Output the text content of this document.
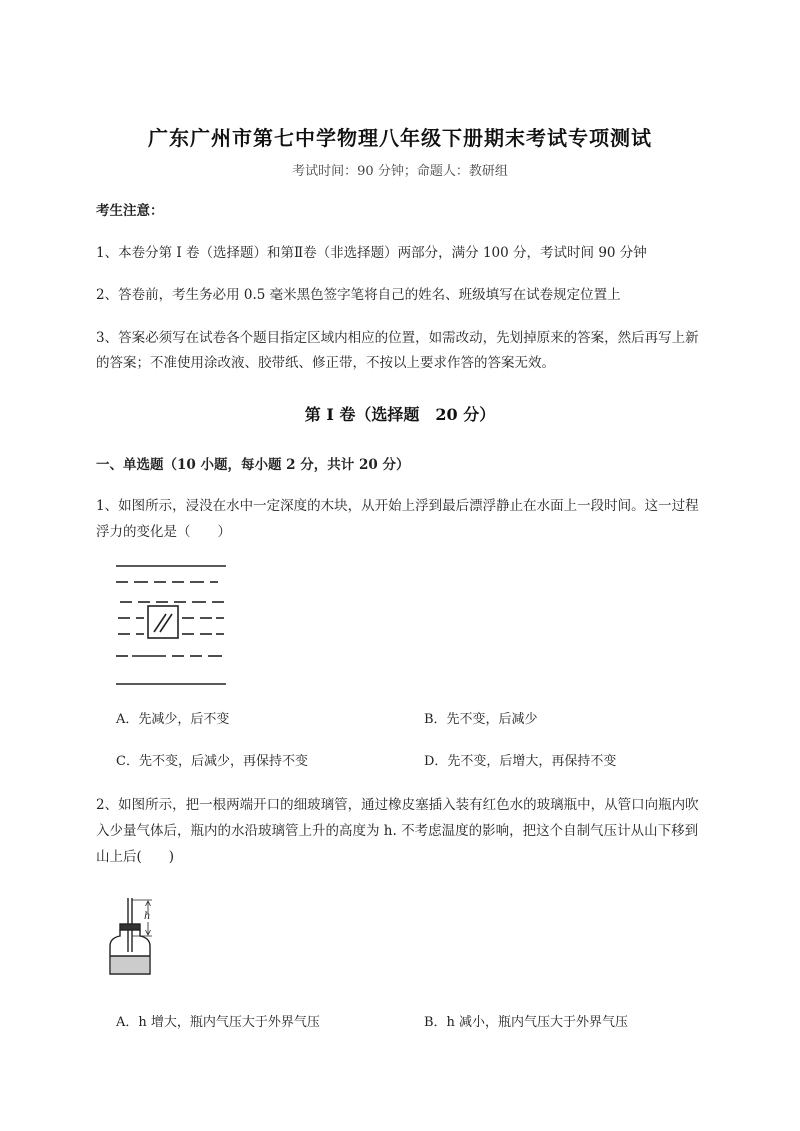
广东广州市第七中学物理八年级下册期末考试专项测试
考试时间：90 分钟；命题人：教研组
考生注意：
1、本卷分第 I 卷（选择题）和第Ⅱ卷（非选择题）两部分，满分 100 分，考试时间 90 分钟
2、答卷前，考生务必用 0.5 毫米黑色签字笔将自己的姓名、班级填写在试卷规定位置上
3、答案必须写在试卷各个题目指定区域内相应的位置，如需改动，先划掉原来的答案，然后再写上新
的答案；不准使用涂改液、胶带纸、修正带，不按以上要求作答的答案无效。
第 I 卷（选择题　20 分）
一、单选题（10 小题，每小题 2 分，共计 20 分）
1、如图所示，浸没在水中一定深度的木块，从开始上浮到最后漂浮静止在水面上一段时间。这一过程
浮力的变化是（　　）
A．先减少，后不变	B．先不变，后减少
C．先不变，后减少，再保持不变	D．先不变，后增大，再保持不变
2、如图所示，把一根两端开口的细玻璃管，通过橡皮塞插入装有红色水的玻璃瓶中，从管口向瓶内吹
入少量气体后，瓶内的水沿玻璃管上升的高度为 h. 不考虑温度的影响，把这个自制气压计从山下移到
山上后(　　)
h
A．h 增大，瓶内气压大于外界气压	B．h 减小，瓶内气压大于外界气压
